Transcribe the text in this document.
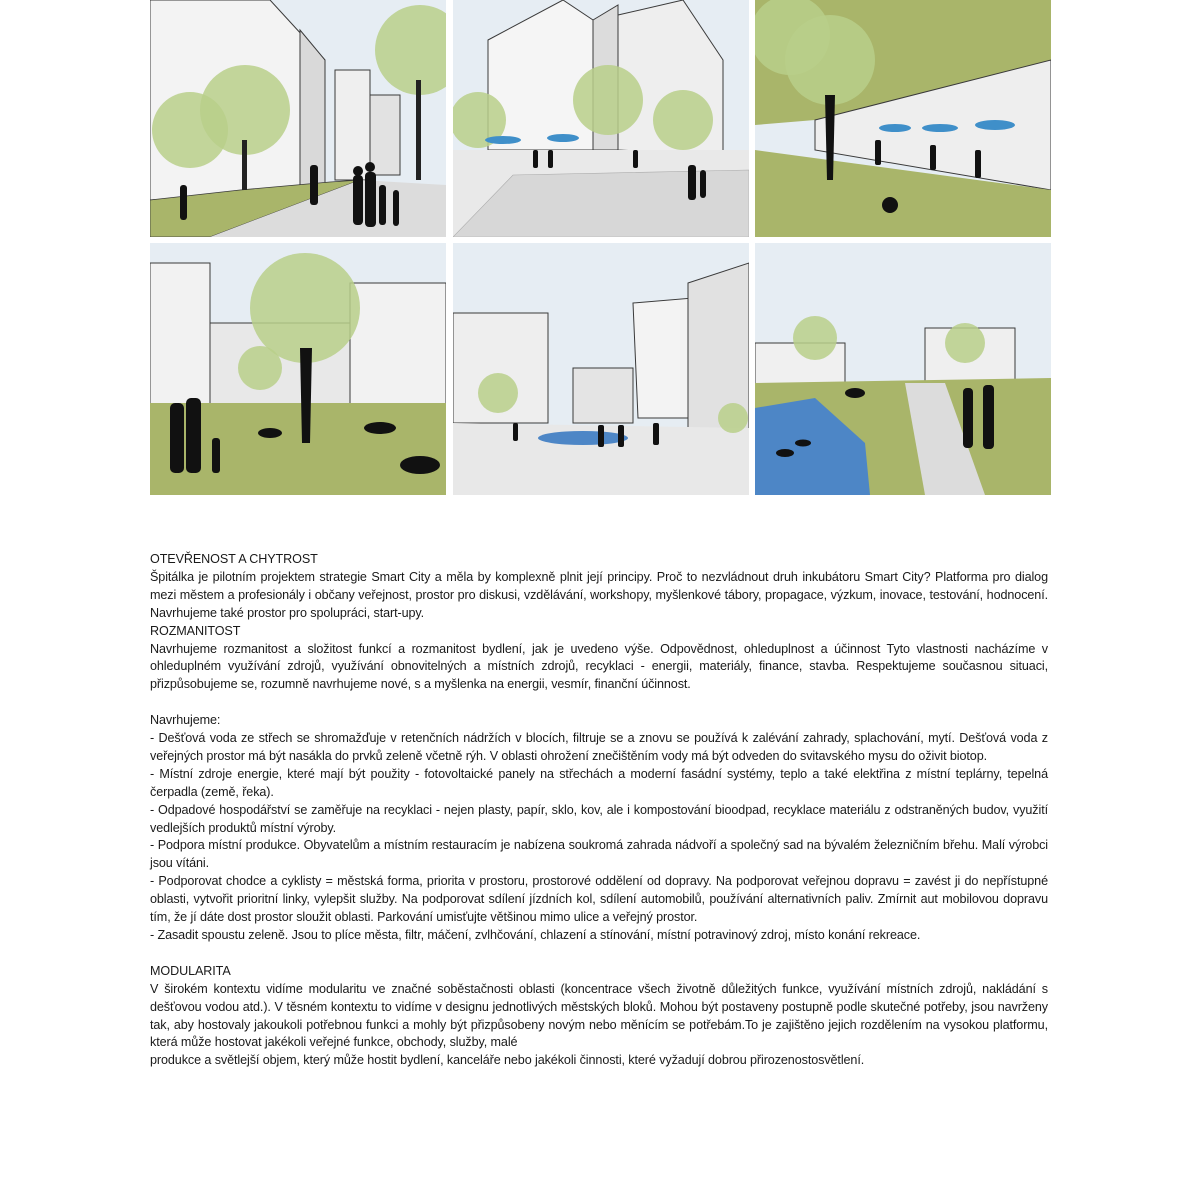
OTEVŘENOST A CHYTROST

Špitálka je pilotním projektem strategie Smart City a měla by komplexně plnit její principy. Proč to nezvládnout druh inkubátoru Smart City? Platforma pro dialog mezi městem a profesionály i občany veřejnost, prostor pro diskusi, vzdělávání, workshopy, myšlenkové tábory, propagace, výzkum, inovace, testování, hodnocení. Navrhujeme také prostor pro spolupráci, start-upy.

ROZMANITOST

Navrhujeme rozmanitost a složitost funkcí a rozmanitost bydlení, jak je uvedeno výše. Odpovědnost, ohleduplnost a účinnost Tyto vlastnosti nacházíme v ohleduplném využívání zdrojů, využívání obnovitelných a místních zdrojů, recyklaci - energii, materiály, finance, stavba. Respektujeme současnou situaci, přizpůsobujeme se, rozumně navrhujeme nové, s a myšlenka na energii, vesmír, finanční účinnost.

Navrhujeme:

- Dešťová voda ze střech se shromažďuje v retenčních nádržích v blocích, filtruje se a znovu se používá k zalévání zahrady, splachování, mytí. Dešťová voda z veřejných prostor má být nasákla do prvků zeleně včetně rýh. V oblasti ohrožení znečištěním vody má být odveden do svitavského mysu do oživit biotop.

- Místní zdroje energie, které mají být použity - fotovoltaické panely na střechách a moderní fasádní systémy, teplo a také elektřina z místní teplárny, tepelná čerpadla (země, řeka).

- Odpadové hospodářství se zaměřuje na recyklaci - nejen plasty, papír, sklo, kov, ale i kompostování bioodpad, recyklace materiálu z odstraněných budov, využití vedlejších produktů místní výroby.

- Podpora místní produkce. Obyvatelům a místním restauracím je nabízena soukromá zahrada nádvoří a společný sad na bývalém železničním břehu. Malí výrobci jsou vítáni.

- Podporovat chodce a cyklisty = městská forma, priorita v prostoru, prostorové oddělení od dopravy. Na podporovat veřejnou dopravu = zavést ji do nepřístupné oblasti, vytvořit prioritní linky, vylepšit služby. Na podporovat sdílení jízdních kol, sdílení automobilů, používání alternativních paliv. Zmírnit aut mobilovou dopravu tím, že jí dáte dost prostor sloužit oblasti. Parkování umisťujte většinou mimo ulice a veřejný prostor.

- Zasadit spoustu zeleně. Jsou to plíce města, filtr, máčení, zvlhčování, chlazení a stínování, místní potravinový zdroj, místo konání rekreace.

MODULARITA

V širokém kontextu vidíme modularitu ve značné soběstačnosti oblasti (koncentrace všech životně důležitých funkce, využívání místních zdrojů, nakládání s dešťovou vodou atd.). V těsném kontextu to vidíme v designu jednotlivých městských bloků. Mohou být postaveny postupně podle skutečné potřeby, jsou navrženy tak, aby hostovaly jakoukoli potřebnou funkci a mohly být přizpůsobeny novým nebo měnícím se potřebám.To je zajištěno jejich rozdělením na vysokou platformu, která může hostovat jakékoli veřejné funkce, obchody, služby, malé

produkce a světlejší objem, který může hostit bydlení, kanceláře nebo jakékoli činnosti, které vyžadují dobrou přirozenostosvětlení.
